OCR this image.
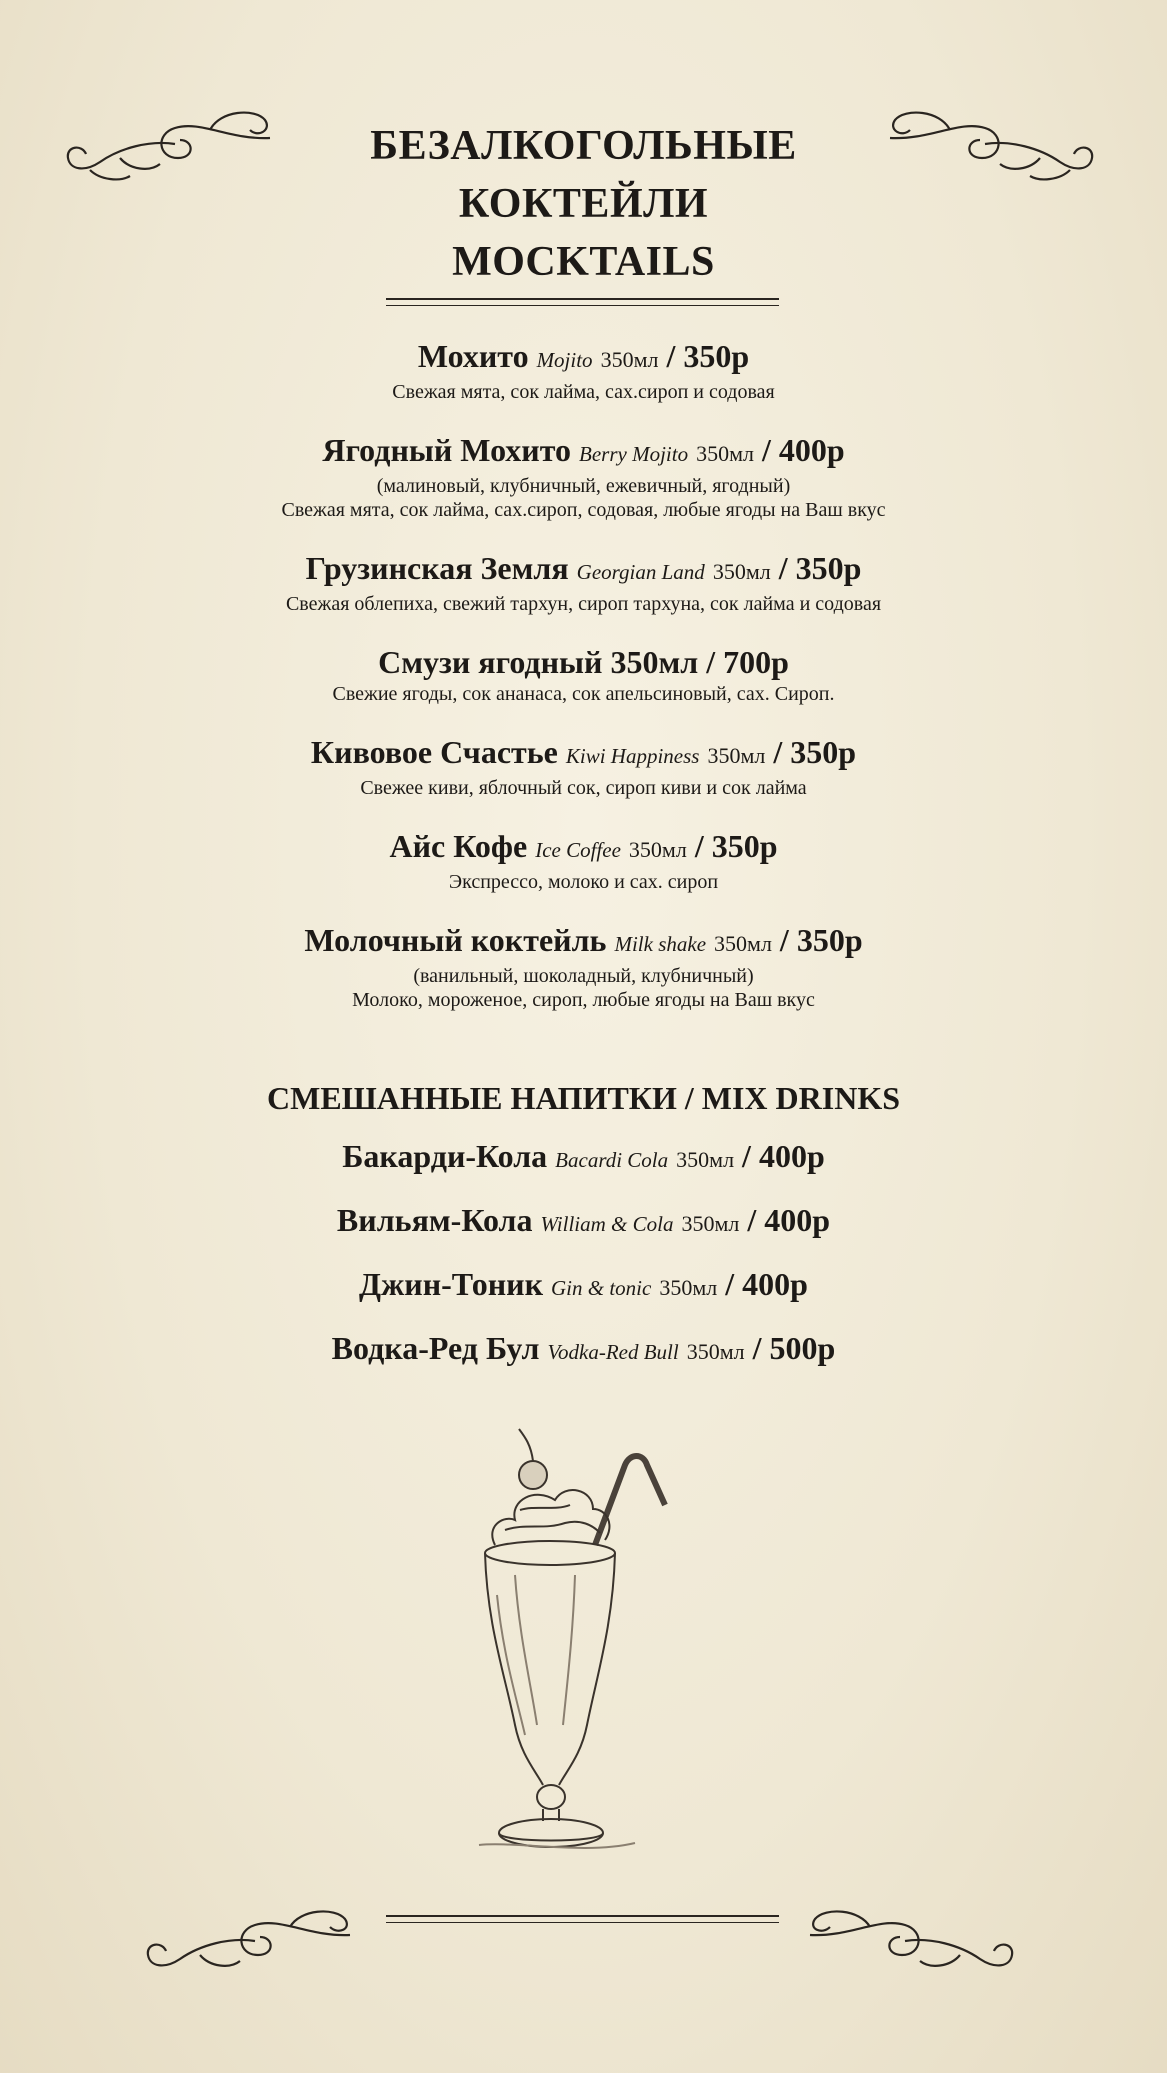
БЕЗАЛКОГОЛЬНЫЕ
КОКТЕЙЛИ
MOCKTAILS
Мохито Mojito 350мл / 350р
Свежая мята, сок лайма, сах.сироп и содовая
Ягодный Мохито Berry Mojito 350мл / 400р
(малиновый, клубничный, ежевичный, ягодный)
Свежая мята, сок лайма, сах.сироп, содовая, любые ягоды на Ваш вкус
Грузинская Земля Georgian Land 350мл / 350р
Свежая облепиха, свежий тархун, сироп тархуна, сок лайма и содовая
Смузи ягодный 350мл / 700р
Свежие ягоды, сок ананаса, сок апельсиновый, сах. Сироп.
Кивовое Счастье Kiwi Happiness 350мл / 350р
Свежее киви, яблочный сок, сироп киви и сок лайма
Айс Кофе Ice Coffee 350мл / 350р
Экспрессо, молоко и сах. сироп
Молочный коктейль Milk shake 350мл / 350р
(ванильный, шоколадный, клубничный)
Молоко, мороженое, сироп, любые ягоды на Ваш вкус
СМЕШАННЫЕ НАПИТКИ / MIX DRINKS
Бакарди-Кола Bacardi Cola 350мл / 400р
Вильям-Кола William & Cola 350мл / 400р
Джин-Тоник Gin & tonic 350мл / 400р
Водка-Ред Бул Vodka-Red Bull 350мл / 500р
